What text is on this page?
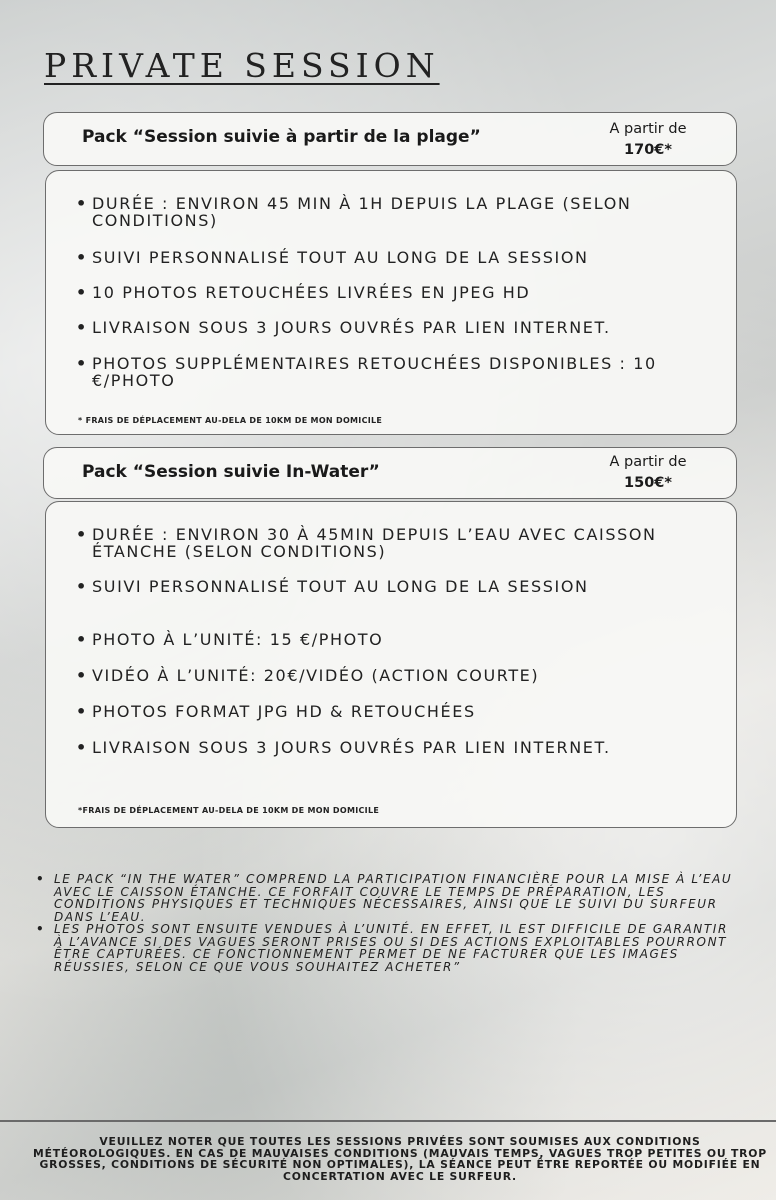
PRIVATE SESSION
Pack “Session suivie à partir de la plage”	A partir de
170€*
• DURÉE : ENVIRON 45 MIN À 1H DEPUIS LA PLAGE (SELON CONDITIONS)
• SUIVI PERSONNALISÉ TOUT AU LONG DE LA SESSION
• 10 PHOTOS RETOUCHÉES LIVRÉES EN JPEG HD
• LIVRAISON SOUS 3 JOURS OUVRÉS PAR LIEN INTERNET.
• PHOTOS SUPPLÉMENTAIRES RETOUCHÉES DISPONIBLES : 10 €/PHOTO
* FRAIS DE DÉPLACEMENT AU-DELA DE 10KM DE MON DOMICILE
Pack “Session suivie In-Water”	A partir de
150€*
• DURÉE : ENVIRON 30 À 45MIN DEPUIS L’EAU AVEC CAISSON ÉTANCHE (SELON CONDITIONS)
• SUIVI PERSONNALISÉ TOUT AU LONG DE LA SESSION
• PHOTO À L’UNITÉ: 15 €/PHOTO
• VIDÉO À L’UNITÉ: 20€/VIDÉO (ACTION COURTE)
• PHOTOS FORMAT JPG HD & RETOUCHÉES
• LIVRAISON SOUS 3 JOURS OUVRÉS PAR LIEN INTERNET.
*FRAIS DE DÉPLACEMENT AU-DELA DE 10KM DE MON DOMICILE
• LE PACK “IN THE WATER” COMPREND LA PARTICIPATION FINANCIÈRE POUR LA MISE À L’EAU AVEC LE CAISSON ÉTANCHE. CE FORFAIT COUVRE LE TEMPS DE PRÉPARATION, LES CONDITIONS PHYSIQUES ET TECHNIQUES NÉCESSAIRES, AINSI QUE LE SUIVI DU SURFEUR DANS L’EAU.
• LES PHOTOS SONT ENSUITE VENDUES À L’UNITÉ. EN EFFET, IL EST DIFFICILE DE GARANTIR À L’AVANCE SI DES VAGUES SERONT PRISES OU SI DES ACTIONS EXPLOITABLES POURRONT ÊTRE CAPTURÉES. CE FONCTIONNEMENT PERMET DE NE FACTURER QUE LES IMAGES RÉUSSIES, SELON CE QUE VOUS SOUHAITEZ ACHETER”
VEUILLEZ NOTER QUE TOUTES LES SESSIONS PRIVÉES SONT SOUMISES AUX CONDITIONS MÉTÉOROLOGIQUES. EN CAS DE MAUVAISES CONDITIONS (MAUVAIS TEMPS, VAGUES TROP PETITES OU TROP GROSSES, CONDITIONS DE SÉCURITÉ NON OPTIMALES), LA SÉANCE PEUT ÊTRE REPORTÉE OU MODIFIÉE EN CONCERTATION AVEC LE SURFEUR.
